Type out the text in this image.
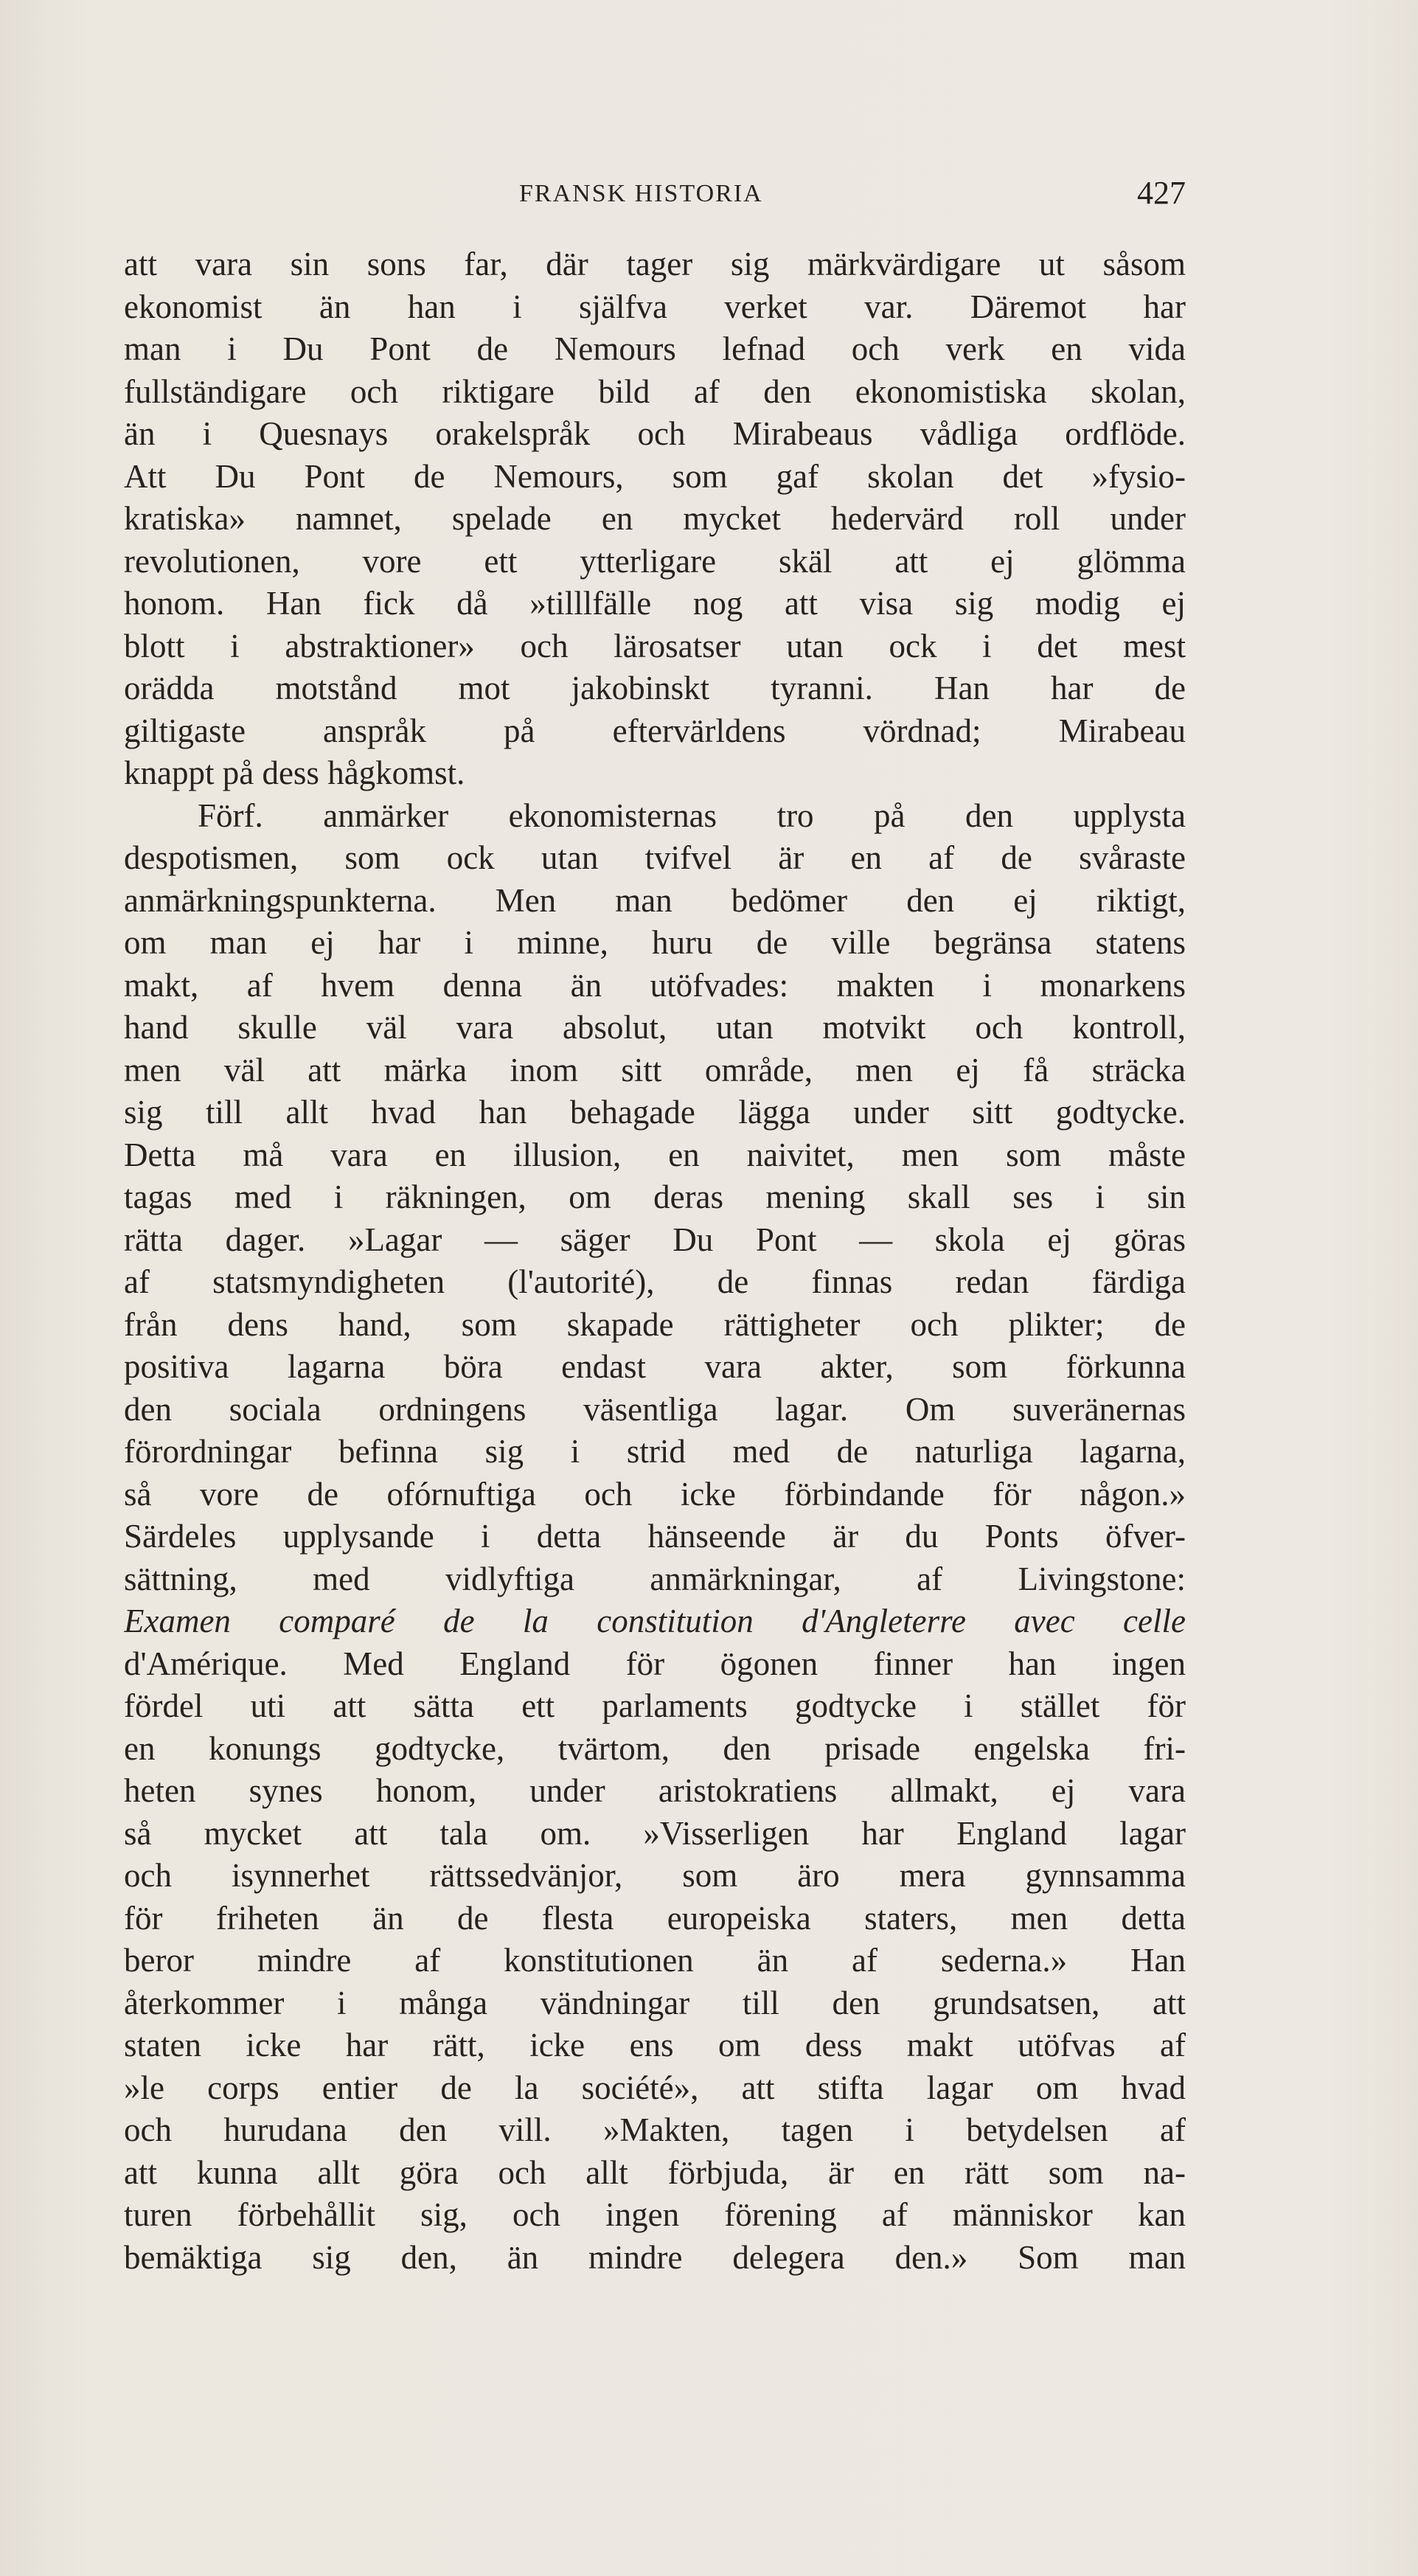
FRANSK HISTORIA	427
att vara sin sons far, där tager sig märkvärdigare ut såsom
ekonomist än han i själfva verket var. Däremot har
man i Du Pont de Nemours lefnad och verk en vida
fullständigare och riktigare bild af den ekonomistiska skolan,
än i Quesnays orakelspråk och Mirabeaus vådliga ordflöde.
Att Du Pont de Nemours, som gaf skolan det »fysio-
kratiska» namnet, spelade en mycket hedervärd roll under
revolutionen, vore ett ytterligare skäl att ej glömma
honom. Han fick då »tilllfälle nog att visa sig modig ej
blott i abstraktioner» och lärosatser utan ock i det mest
orädda motstånd mot jakobinskt tyranni. Han har de
giltigaste anspråk på eftervärldens vördnad; Mirabeau
knappt på dess hågkomst.
Förf. anmärker ekonomisternas tro på den upplysta
despotismen, som ock utan tvifvel är en af de svåraste
anmärkningspunkterna. Men man bedömer den ej riktigt,
om man ej har i minne, huru de ville begränsa statens
makt, af hvem denna än utöfvades: makten i monarkens
hand skulle väl vara absolut, utan motvikt och kontroll,
men väl att märka inom sitt område, men ej få sträcka
sig till allt hvad han behagade lägga under sitt godtycke.
Detta må vara en illusion, en naivitet, men som måste
tagas med i räkningen, om deras mening skall ses i sin
rätta dager. »Lagar — säger Du Pont — skola ej göras
af statsmyndigheten (l'autorité), de finnas redan färdiga
från dens hand, som skapade rättigheter och plikter; de
positiva lagarna böra endast vara akter, som förkunna
den sociala ordningens väsentliga lagar. Om suveränernas
förordningar befinna sig i strid med de naturliga lagarna,
så vore de ofórnuftiga och icke förbindande för någon.»
Särdeles upplysande i detta hänseende är du Ponts öfver-
sättning, med vidlyftiga anmärkningar, af Livingstone:
Examen comparé de la constitution d'Angleterre avec celle
d'Amérique. Med England för ögonen finner han ingen
fördel uti att sätta ett parlaments godtycke i stället för
en konungs godtycke, tvärtom, den prisade engelska fri-
heten synes honom, under aristokratiens allmakt, ej vara
så mycket att tala om. »Visserligen har England lagar
och isynnerhet rättssedvänjor, som äro mera gynnsamma
för friheten än de flesta europeiska staters, men detta
beror mindre af konstitutionen än af sederna.» Han
återkommer i många vändningar till den grundsatsen, att
staten icke har rätt, icke ens om dess makt utöfvas af
»le corps entier de la société», att stifta lagar om hvad
och hurudana den vill. »Makten, tagen i betydelsen af
att kunna allt göra och allt förbjuda, är en rätt som na-
turen förbehållit sig, och ingen förening af människor kan
bemäktiga sig den, än mindre delegera den.» Som man
